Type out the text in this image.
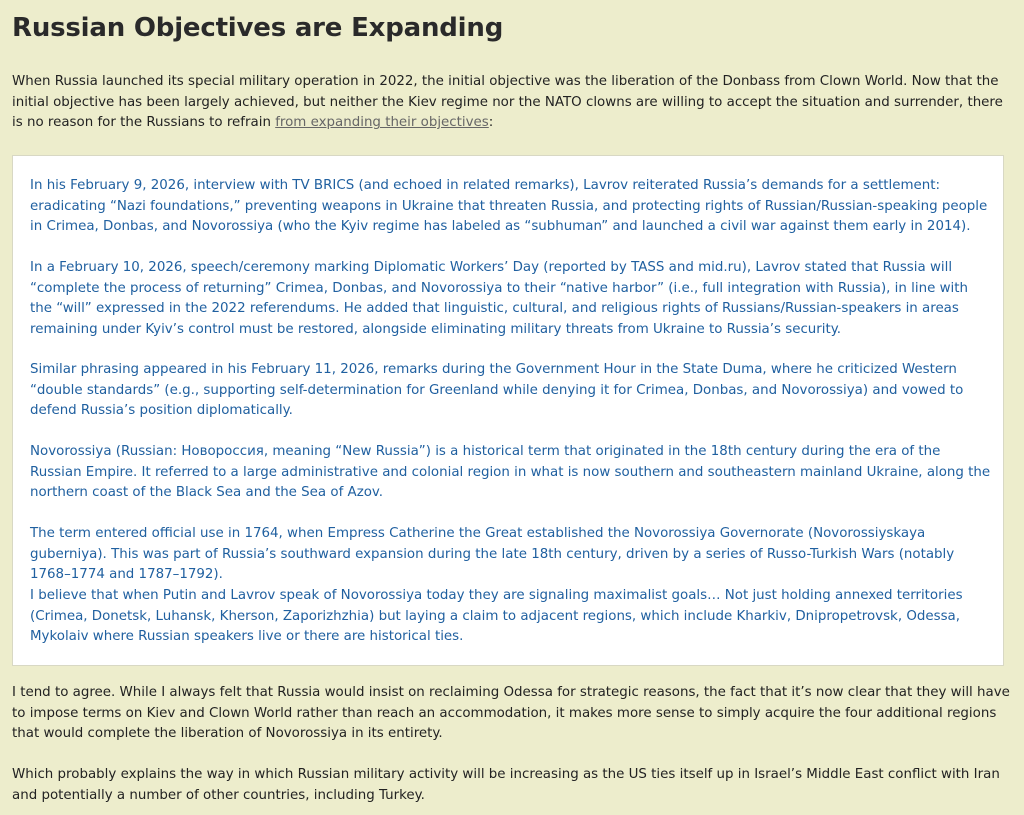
Russian Objectives are Expanding

When Russia launched its special military operation in 2022, the initial objective was the liberation of the Donbass from Clown World. Now that the initial objective has been largely achieved, but neither the Kiev regime nor the NATO clowns are willing to accept the situation and surrender, there is no reason for the Russians to refrain from expanding their objectives:

In his February 9, 2026, interview with TV BRICS (and echoed in related remarks), Lavrov reiterated Russia’s demands for a settlement: eradicating “Nazi foundations,” preventing weapons in Ukraine that threaten Russia, and protecting rights of Russian/Russian-speaking people in Crimea, Donbas, and Novorossiya (who the Kyiv regime has labeled as “subhuman” and launched a civil war against them early in 2014).

In a February 10, 2026, speech/ceremony marking Diplomatic Workers’ Day (reported by TASS and mid.ru), Lavrov stated that Russia will “complete the process of returning” Crimea, Donbas, and Novorossiya to their “native harbor” (i.e., full integration with Russia), in line with the “will” expressed in the 2022 referendums. He added that linguistic, cultural, and religious rights of Russians/Russian-speakers in areas remaining under Kyiv’s control must be restored, alongside eliminating military threats from Ukraine to Russia’s security.

Similar phrasing appeared in his February 11, 2026, remarks during the Government Hour in the State Duma, where he criticized Western “double standards” (e.g., supporting self-determination for Greenland while denying it for Crimea, Donbas, and Novorossiya) and vowed to defend Russia’s position diplomatically.

Novorossiya (Russian: Новороссия, meaning “New Russia”) is a historical term that originated in the 18th century during the era of the Russian Empire. It referred to a large administrative and colonial region in what is now southern and southeastern mainland Ukraine, along the northern coast of the Black Sea and the Sea of Azov.

The term entered official use in 1764, when Empress Catherine the Great established the Novorossiya Governorate (Novorossiyskaya guberniya). This was part of Russia’s southward expansion during the late 18th century, driven by a series of Russo-Turkish Wars (notably 1768–1774 and 1787–1792).

I believe that when Putin and Lavrov speak of Novorossiya today they are signaling maximalist goals… Not just holding annexed territories (Crimea, Donetsk, Luhansk, Kherson, Zaporizhzhia) but laying a claim to adjacent regions, which include Kharkiv, Dnipropetrovsk, Odessa, Mykolaiv where Russian speakers live or there are historical ties.

I tend to agree. While I always felt that Russia would insist on reclaiming Odessa for strategic reasons, the fact that it’s now clear that they will have to impose terms on Kiev and Clown World rather than reach an accommodation, it makes more sense to simply acquire the four additional regions that would complete the liberation of Novorossiya in its entirety.

Which probably explains the way in which Russian military activity will be increasing as the US ties itself up in Israel’s Middle East conflict with Iran and potentially a number of other countries, including Turkey.
